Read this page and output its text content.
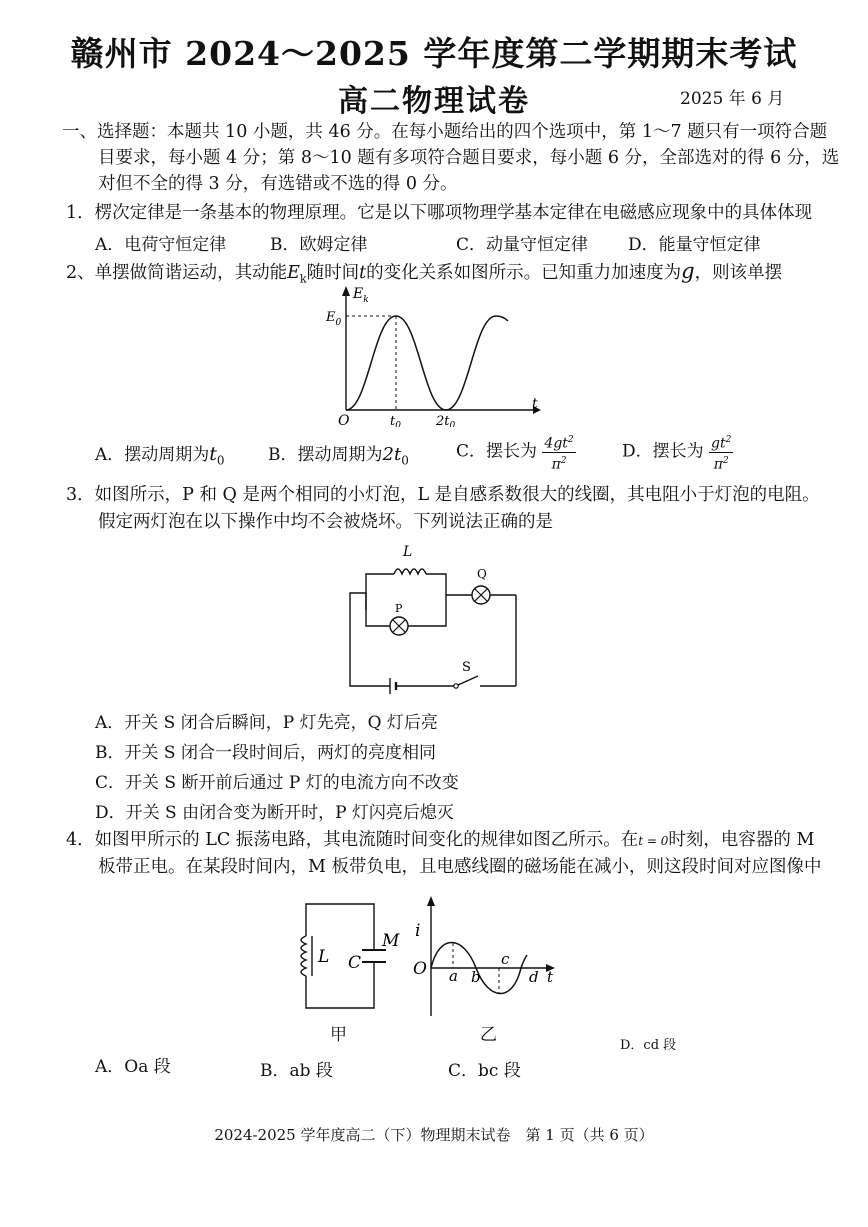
赣州市 2024～2025 学年度第二学期期末考试
高二物理试卷	2025 年 6 月
一、选择题：本题共 10 小题，共 46 分。在每小题给出的四个选项中，第 1～7 题只有一项符合题
目要求，每小题 4 分；第 8～10 题有多项符合题目要求，每小题 6 分，全部选对的得 6 分，选
对但不全的得 3 分，有选错或不选的得 0 分。
1．楞次定律是一条基本的物理原理。它是以下哪项物理学基本定律在电磁感应现象中的具体体现
A．电荷守恒定律	B．欧姆定律	C．动量守恒定律 D．能量守恒定律
2、单摆做简谐运动，其动能$E_k$随时间t的变化关系如图所示。已知重力加速度为g，则该单摆
$E_k$
$E_0$
O	$t_0$	$2t_0$
t
A．摆动周期为$t_0$	B．摆动周期为$2t_0$	C．摆长为 $\frac{4gt^2}{\pi^2}$	D．摆长为 $\frac{gt^2}{\pi^2}$
3．如图所示，P 和 Q 是两个相同的小灯泡，L 是自感系数很大的线圈，其电阻小于灯泡的电阻。
假定两灯泡在以下操作中均不会被烧坏。下列说法正确的是
L
Q
P
S
A．开关 S 闭合后瞬间，P 灯先亮，Q 灯后亮
B．开关 S 闭合一段时间后，两灯的亮度相同
C．开关 S 断开前后通过 P 灯的电流方向不改变
D．开关 S 由闭合变为断开时，P 灯闪亮后熄灭
4．如图甲所示的 LC 振荡电路，其电流随时间变化的规律如图乙所示。在t = 0时刻，电容器的 M
板带正电。在某段时间内，M 板带负电，且电感线圈的磁场能在减小，则这段时间对应图像中
L C
M
甲
i
O a b
c
d t
乙
A．Oa 段	B．ab 段	C．bc 段
D．cd 段
2024-2025 学年度高二（下）物理期末试卷　第 1 页（共 6 页）
